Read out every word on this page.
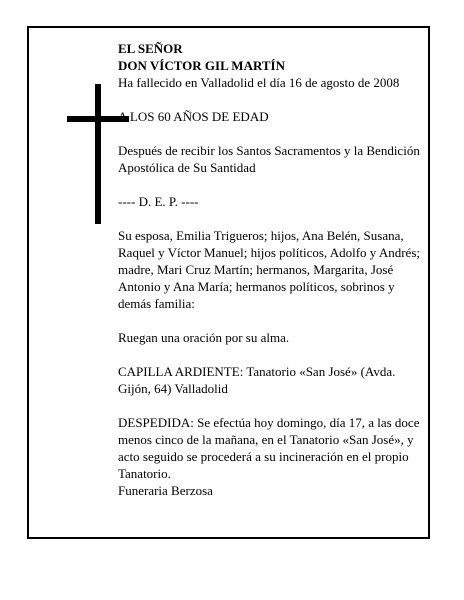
EL SEÑOR

DON VÍCTOR GIL MARTÍN

Ha fallecido en Valladolid el día 16 de agosto de 2008

A LOS 60 AÑOS DE EDAD

Después de recibir los Santos Sacramentos y la Bendición Apostólica de Su Santidad

---- D. E. P. ----

Su esposa, Emilia Trigueros; hijos, Ana Belén, Susana, Raquel y Víctor Manuel; hijos políticos, Adolfo y Andrés; madre, Mari Cruz Martín; hermanos, Margarita, José Antonio y Ana María; hermanos políticos, sobrinos y demás familia:

Ruegan una oración por su alma.

CAPILLA ARDIENTE: Tanatorio «San José» (Avda. Gijón, 64) Valladolid

DESPEDIDA: Se efectúa hoy domingo, día 17, a las doce menos cinco de la mañana, en el Tanatorio «San José», y acto seguido se procederá a su incineración en el propio Tanatorio.

Funeraria Berzosa
